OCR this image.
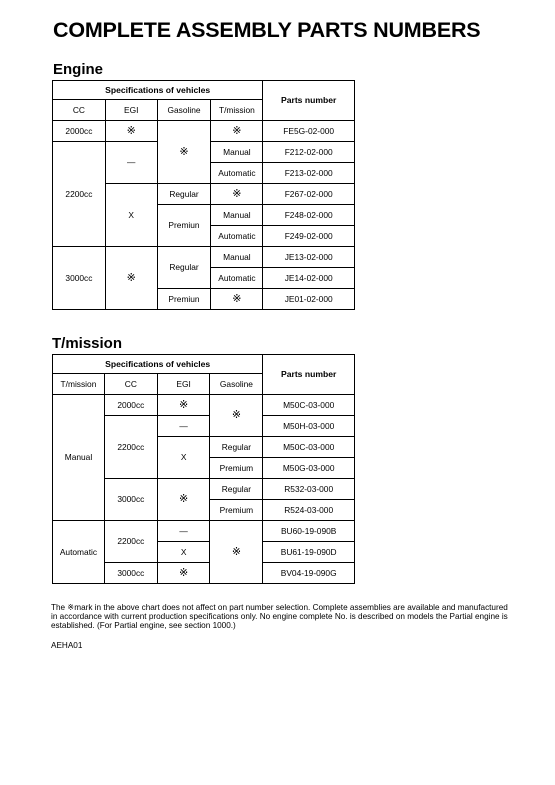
COMPLETE ASSEMBLY PARTS NUMBERS
Engine
Specifications of vehicles				Parts number
CC	EGI	Gasoline	T/mission	
2000cc	※	※	※	FE5G-02-000
2200cc	—		Manual	F212-02-000
			Automatic	F213-02-000
	X	Regular	※	F267-02-000
		Premiun	Manual	F248-02-000
			Automatic	F249-02-000
3000cc	※	Regular	Manual	JE13-02-000
			Automatic	JE14-02-000
		Premiun	※	JE01-02-000
T/mission
Specifications of vehicles				Parts number
T/mission	CC	EGI	Gasoline	
Manual	2000cc	※	※	M50C-03-000
	2200cc	—		M50H-03-000
		X	Regular	M50C-03-000
			Premium	M50G-03-000
	3000cc	※	Regular	R532-03-000
			Premium	R524-03-000
Automatic	2200cc	—	※	BU60-19-090B
		X		BU61-19-090D
	3000cc	※		BV04-19-090G
The ※mark in the above chart does not affect on part number selection. Complete assemblies are available and manufactured in accordance with current production specifications only. No engine complete No. is described on models the Partial engine is established. (For Partial engine, see section 1000.)
AEHA01
